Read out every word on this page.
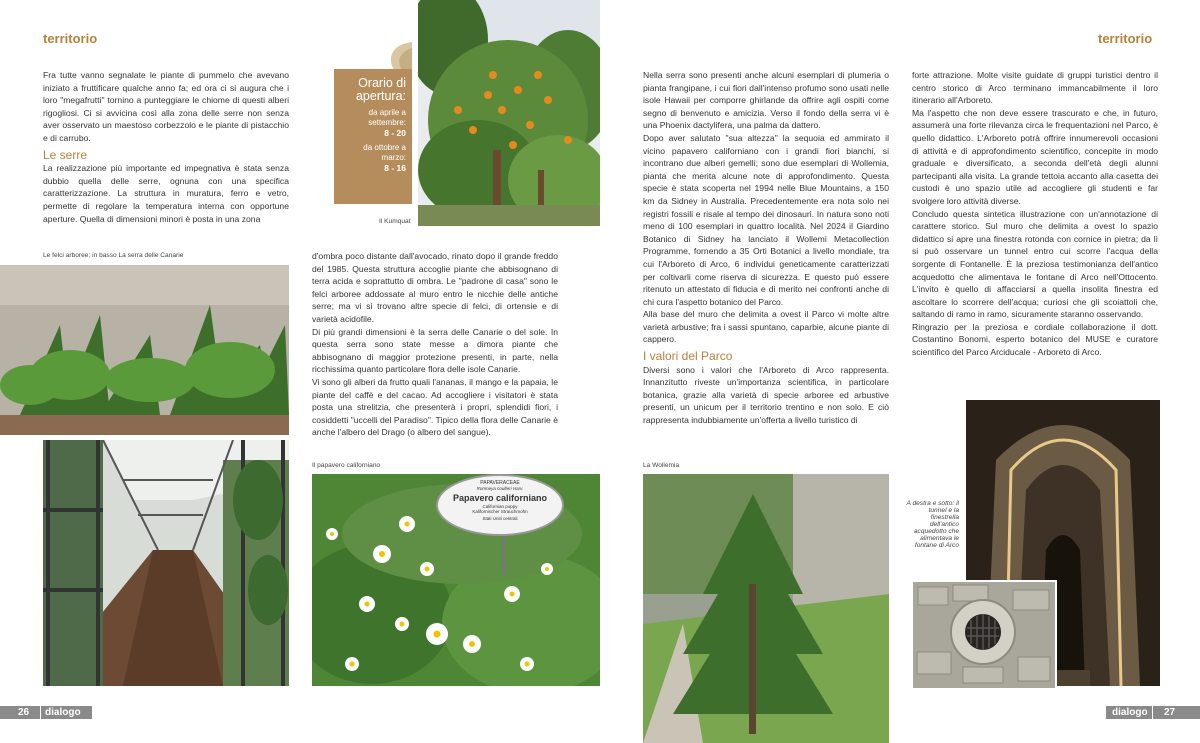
territorio

Fra tutte vanno segnalate le piante di pummelo che avevano iniziato a fruttificare qualche anno fa; ed ora ci si augura che i loro "megafrutti" tornino a punteggiare le chiome di questi alberi rigogliosi. Ci si avvicina così alla zona delle serre non senza aver osservato un maestoso corbezzolo e le piante di pistacchio e di carrubo.

Le serre

La realizzazione più importante ed impegnativa è stata senza dubbio quella delle serre, ognuna con una specifica caratterizzazione. La struttura in muratura, ferro e vetro, permette di regolare la temperatura interna con opportune aperture. Quella di dimensioni minori è posta in una zona

Orario di apertura:
da aprile a settembre:
8 - 20
da ottobre a marzo:
8 - 16
Il Kumquat
Le felci arboree; in basso La serra delle Canarie	d'ombra poco distante dall'avocado, rinato dopo il grande freddo del 1985. Questa struttura accoglie piante che abbisognano di terra acida e soprattutto di ombra. Le "padrone di casa" sono le felci arboree addossate al muro entro le nicchie delle antiche serre; ma vi si trovano altre specie di felci, di ortensie e di varietà acidofile.

Di più grandi dimensioni è la serra delle Canarie o del sole. In questa serra sono state messe a dimora piante che abbisognano di maggior protezione presenti, in parte, nella ricchissima quanto particolare flora delle isole Canarie.

Vi sono gli alberi da frutto quali l'ananas, il mango e la papaia, le piante del caffè e del cacao. Ad accogliere i visitatori è stata posta una strelitzia, che presenterà i propri, splendidi fiori, i cosiddetti "uccelli del Paradiso". Tipico della flora delle Canarie è anche l'albero del Drago (o albero del sangue).

Il papavero californiano
PAPAVERACEAE
Romneya coulteri Harv.
Papavero californiano
Californian poppy
Kalifornischer Strauchmohn
Stati Uniti centrali
26	dialogo
territorio

Nella serra sono presenti anche alcuni esemplari di plumeria o pianta frangipane, i cui fiori dall'intenso profumo sono usati nelle isole Hawaii per comporre ghirlande da offrire agli ospiti come segno di benvenuto e amicizia. Verso il fondo della serra vi è una Phoenix dactylifera, una palma da dattero.

Dopo aver salutato "sua altezza" la sequoia ed ammirato il vicino papavero californiano con i grandi fiori bianchi, si incontrano due alberi gemelli; sono due esemplari di Wollemia, pianta che merita alcune note di approfondimento. Questa specie è stata scoperta nel 1994 nelle Blue Mountains, a 150 km da Sidney in Australia. Precedentemente era nota solo nei registri fossili e risale al tempo dei dinosauri. In natura sono noti meno di 100 esemplari in quattro località. Nel 2024 il Giardino Botanico di Sidney ha lanciato il Wollemi Metacollection Programme, fornendo a 35 Orti Botanici a livello mondiale, tra cui l'Arboreto di Arco, 6 individui geneticamente caratterizzati per coltivarli come riserva di sicurezza. E questo può essere ritenuto un attestato di fiducia e di merito nei confronti anche di chi cura l'aspetto botanico del Parco.

Alla base del muro che delimita a ovest il Parco vi molte altre varietà arbustive; fra i sassi spuntano, caparbie, alcune piante di cappero.

I valori del Parco

Diversi sono i valori che l'Arboreto di Arco rappresenta. Innanzitutto riveste un'importanza scientifica, in particolare botanica, grazie alla varietà di specie arboree ed arbustive presenti, un unicum per il territorio trentino e non solo. E ciò rappresenta indubbiamente un'offerta a livello turistico di

forte attrazione. Molte visite guidate di gruppi turistici dentro il centro storico di Arco terminano immancabilmente il loro itinerario all'Arboreto.

Ma l'aspetto che non deve essere trascurato e che, in futuro, assumerà una forte rilevanza circa le frequentazioni nel Parco, è quello didattico. L'Arboreto potrà offrire innumerevoli occasioni di attività e di approfondimento scientifico, concepite in modo graduale e diversificato, a seconda dell'età degli alunni partecipanti alla visita. La grande tettoia accanto alla casetta dei custodi è uno spazio utile ad accogliere gli studenti e far svolgere loro attività diverse.

Concludo questa sintetica illustrazione con un'annotazione di carattere storico. Sul muro che delimita a ovest lo spazio didattico si apre una finestra rotonda con cornice in pietra; da lì si può osservare un tunnel entro cui scorre l'acqua della sorgente di Fontanelle. È la preziosa testimonianza dell'antico acquedotto che alimentava le fontane di Arco nell'Ottocento. L'invito è quello di affacciarsi a quella insolita finestra ed ascoltare lo scorrere dell'acqua; curiosi che gli scoiattoli che, saltando di ramo in ramo, sicuramente staranno osservando.

Ringrazio per la preziosa e cordiale collaborazione il dott. Costantino Bonomi, esperto botanico del MUSE e curatore scientifico del Parco Arciducale - Arboreto di Arco.

La Wollemia
A destra e sotto: il tunnel e la finestrella dell'antico acquedotto che alimentava le fontane di Arco
dialogo	27
